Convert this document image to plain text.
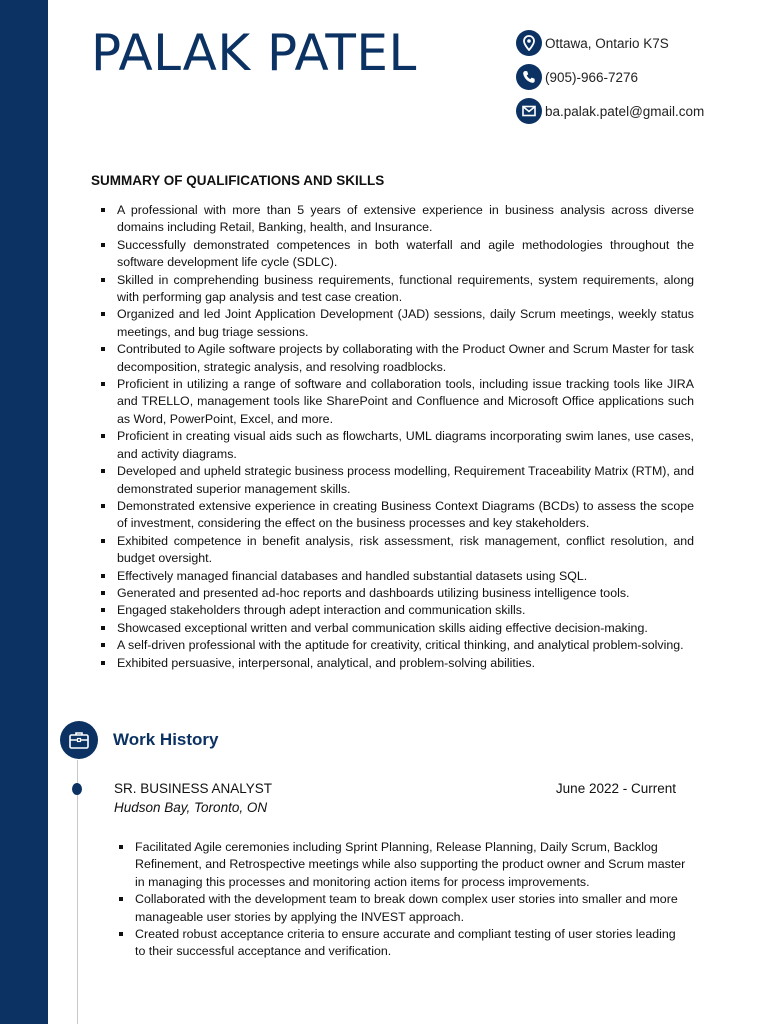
PALAK PATEL	Ottawa, Ontario K7S
(905)-966-7276
ba.palak.patel@gmail.com
SUMMARY OF QUALIFICATIONS AND SKILLS
A professional with more than 5 years of extensive experience in business analysis across diverse domains including Retail, Banking, health, and Insurance.
Successfully demonstrated competences in both waterfall and agile methodologies throughout the software development life cycle (SDLC).
Skilled in comprehending business requirements, functional requirements, system requirements, along with performing gap analysis and test case creation.
Organized and led Joint Application Development (JAD) sessions, daily Scrum meetings, weekly status meetings, and bug triage sessions.
Contributed to Agile software projects by collaborating with the Product Owner and Scrum Master for task decomposition, strategic analysis, and resolving roadblocks.
Proficient in utilizing a range of software and collaboration tools, including issue tracking tools like JIRA and TRELLO, management tools like SharePoint and Confluence and Microsoft Office applications such as Word, PowerPoint, Excel, and more.
Proficient in creating visual aids such as flowcharts, UML diagrams incorporating swim lanes, use cases, and activity diagrams.
Developed and upheld strategic business process modelling, Requirement Traceability Matrix (RTM), and demonstrated superior management skills.
Demonstrated extensive experience in creating Business Context Diagrams (BCDs) to assess the scope of investment, considering the effect on the business processes and key stakeholders.
Exhibited competence in benefit analysis, risk assessment, risk management, conflict resolution, and budget oversight.
Effectively managed financial databases and handled substantial datasets using SQL.
Generated and presented ad-hoc reports and dashboards utilizing business intelligence tools.
Engaged stakeholders through adept interaction and communication skills.
Showcased exceptional written and verbal communication skills aiding effective decision-making.
A self-driven professional with the aptitude for creativity, critical thinking, and analytical problem-solving.
Exhibited persuasive, interpersonal, analytical, and problem-solving abilities.
Work History
SR. BUSINESS ANALYST	June 2022 - Current
Hudson Bay, Toronto, ON
Facilitated Agile ceremonies including Sprint Planning, Release Planning, Daily Scrum, Backlog Refinement, and Retrospective meetings while also supporting the product owner and Scrum master in managing this processes and monitoring action items for process improvements.
Collaborated with the development team to break down complex user stories into smaller and more manageable user stories by applying the INVEST approach.
Created robust acceptance criteria to ensure accurate and compliant testing of user stories leading to their successful acceptance and verification.
